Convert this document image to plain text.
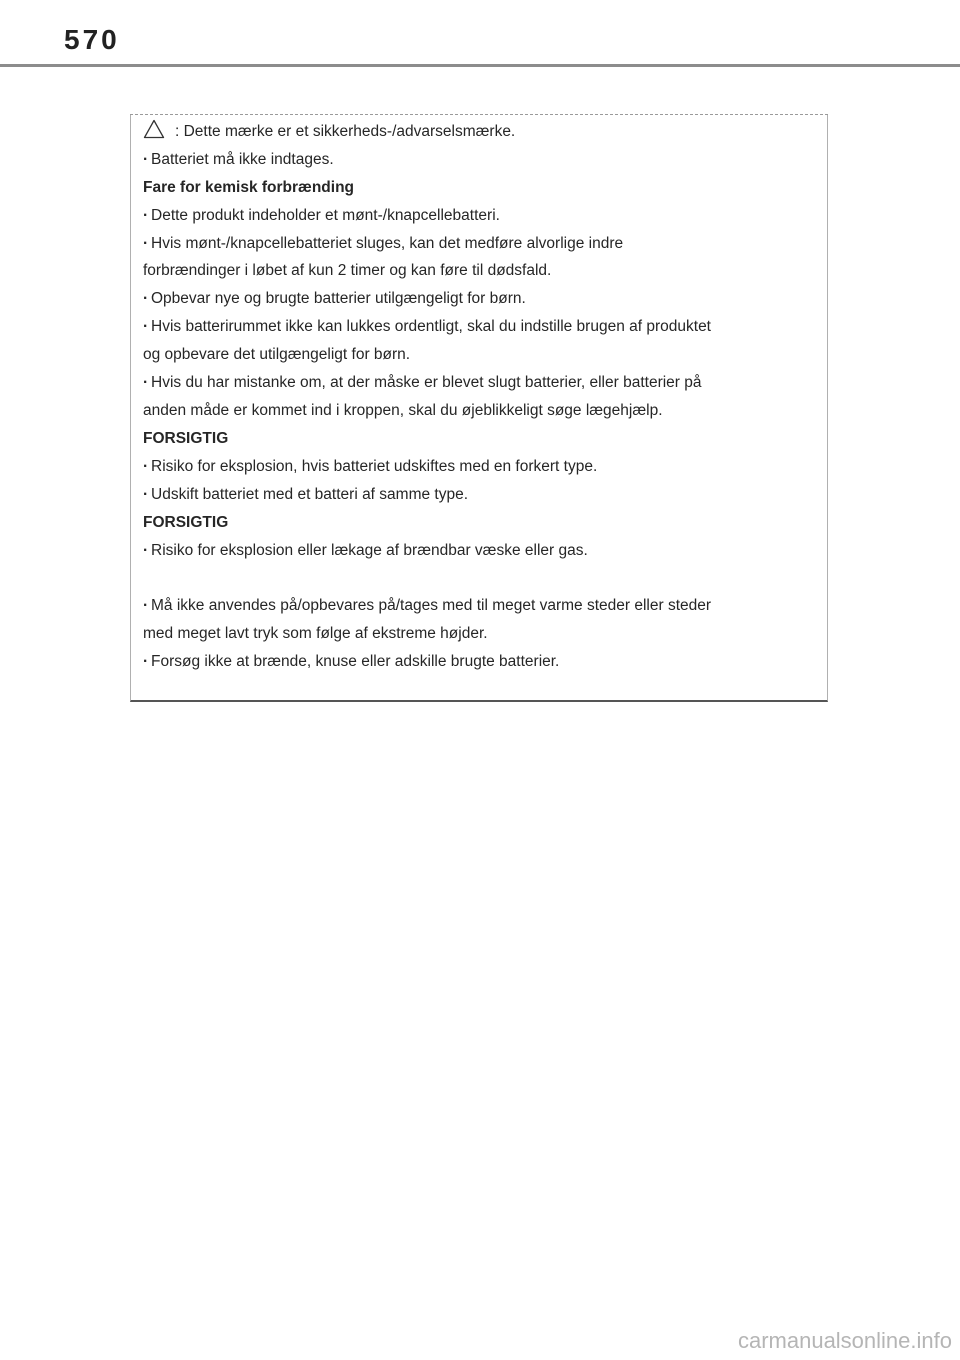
570
: Dette mærke er et sikkerheds-/advarselsmærke.
· Batteriet må ikke indtages.
Fare for kemisk forbrænding
· Dette produkt indeholder et mønt-/knapcellebatteri.
· Hvis mønt-/knapcellebatteriet sluges, kan det medføre alvorlige indre
forbrændinger i løbet af kun 2 timer og kan føre til dødsfald.
· Opbevar nye og brugte batterier utilgængeligt for børn.
· Hvis batterirummet ikke kan lukkes ordentligt, skal du indstille brugen af produktet
og opbevare det utilgængeligt for børn.
· Hvis du har mistanke om, at der måske er blevet slugt batterier, eller batterier på
anden måde er kommet ind i kroppen, skal du øjeblikkeligt søge lægehjælp.
FORSIGTIG
· Risiko for eksplosion, hvis batteriet udskiftes med en forkert type.
· Udskift batteriet med et batteri af samme type.
FORSIGTIG
· Risiko for eksplosion eller lækage af brændbar væske eller gas.
· Må ikke anvendes på/opbevares på/tages med til meget varme steder eller steder
med meget lavt tryk som følge af ekstreme højder.
· Forsøg ikke at brænde, knuse eller adskille brugte batterier.
carmanualsonline.info
